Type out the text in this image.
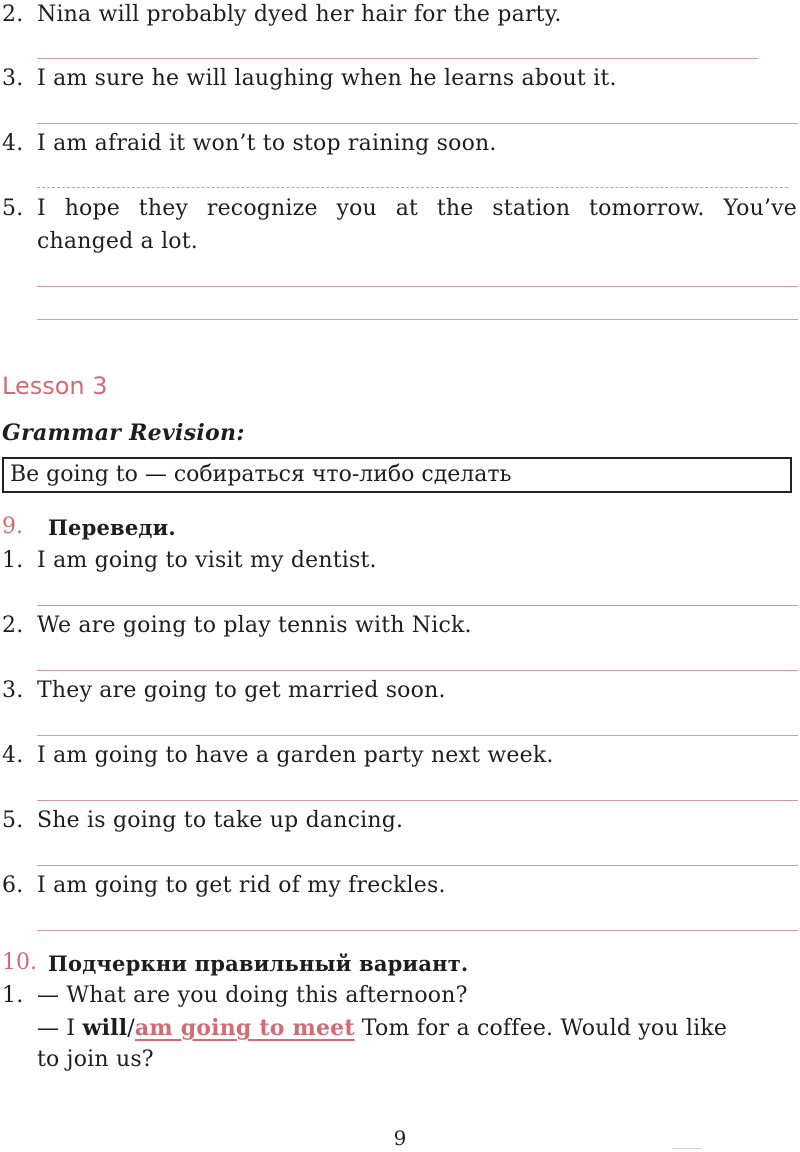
2. Nina will probably dyed her hair for the party.
3. I am sure he will laughing when he learns about it.
4. I am afraid it won’t to stop raining soon.
5. I hope they recognize you at the station tomorrow. You’ve
changed a lot.
Lesson 3
Grammar Revision:
Be going to — собираться что-либо сделать
9. Переведи.
1. I am going to visit my dentist.
2. We are going to play tennis with Nick.
3. They are going to get married soon.
4. I am going to have a garden party next week.
5. She is going to take up dancing.
6. I am going to get rid of my freckles.
10. Подчеркни правильный вариант.
1. — What are you doing this afternoon?
— I will/am going to meet Tom for a coffee. Would you like
to join us?
9
